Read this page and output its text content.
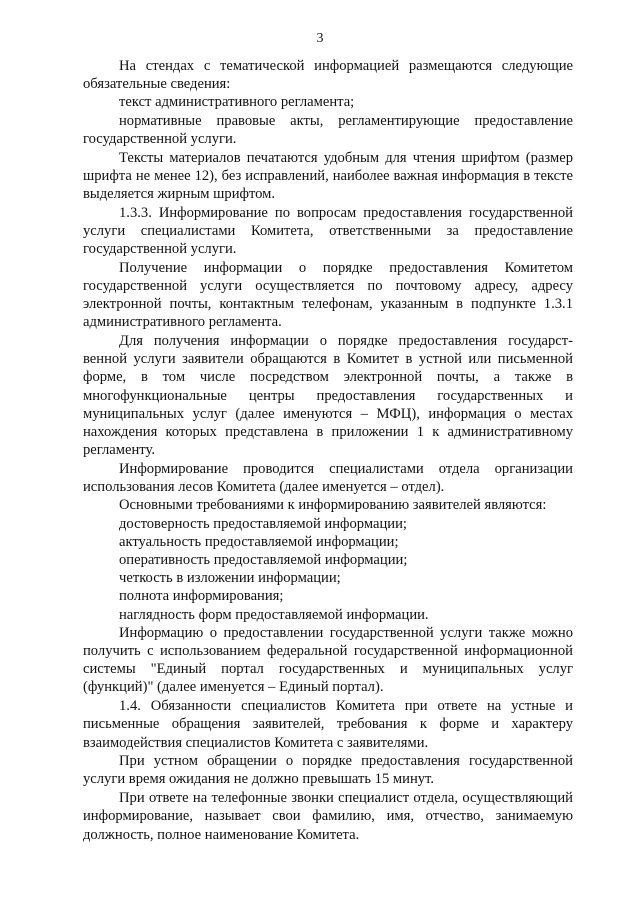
3

На стендах с тематической информацией размещаются следующие обязательные сведения:

текст административного регламента;

нормативные правовые акты, регламентирующие предоставление государственной услуги.

Тексты материалов печатаются удобным для чтения шрифтом (размер шрифта не менее 12), без исправлений, наиболее важная информация в тексте выделяется жирным шрифтом.

1.3.3. Информирование по вопросам предоставления государственной услуги специалистами Комитета, ответственными за предоставление государственной услуги.

Получение информации о порядке предоставления Комитетом государственной услуги осуществляется по почтовому адресу, адресу электронной почты, контактным телефонам, указанным в подпункте 1.3.1 административного регламента.

Для получения информации о порядке предоставления государст-венной услуги заявители обращаются в Комитет в устной или письменной форме, в том числе посредством электронной почты, а также в многофункциональные центры предоставления государственных и муниципальных услуг (далее именуются – МФЦ), информация о местах нахождения которых представлена в приложении 1 к административному регламенту.

Информирование проводится специалистами отдела организации использования лесов Комитета (далее именуется – отдел).

Основными требованиями к информированию заявителей являются:

достоверность предоставляемой информации;

актуальность предоставляемой информации;

оперативность предоставляемой информации;

четкость в изложении информации;

полнота информирования;

наглядность форм предоставляемой информации.

Информацию о предоставлении государственной услуги также можно получить с использованием федеральной государственной информационной системы "Единый портал государственных и муниципальных услуг (функций)" (далее именуется – Единый портал).

1.4. Обязанности специалистов Комитета при ответе на устные и письменные обращения заявителей, требования к форме и характеру взаимодействия специалистов Комитета с заявителями.

При устном обращении о порядке предоставления государственной услуги время ожидания не должно превышать 15 минут.

При ответе на телефонные звонки специалист отдела, осуществляющий информирование, называет свои фамилию, имя, отчество, занимаемую должность, полное наименование Комитета.
